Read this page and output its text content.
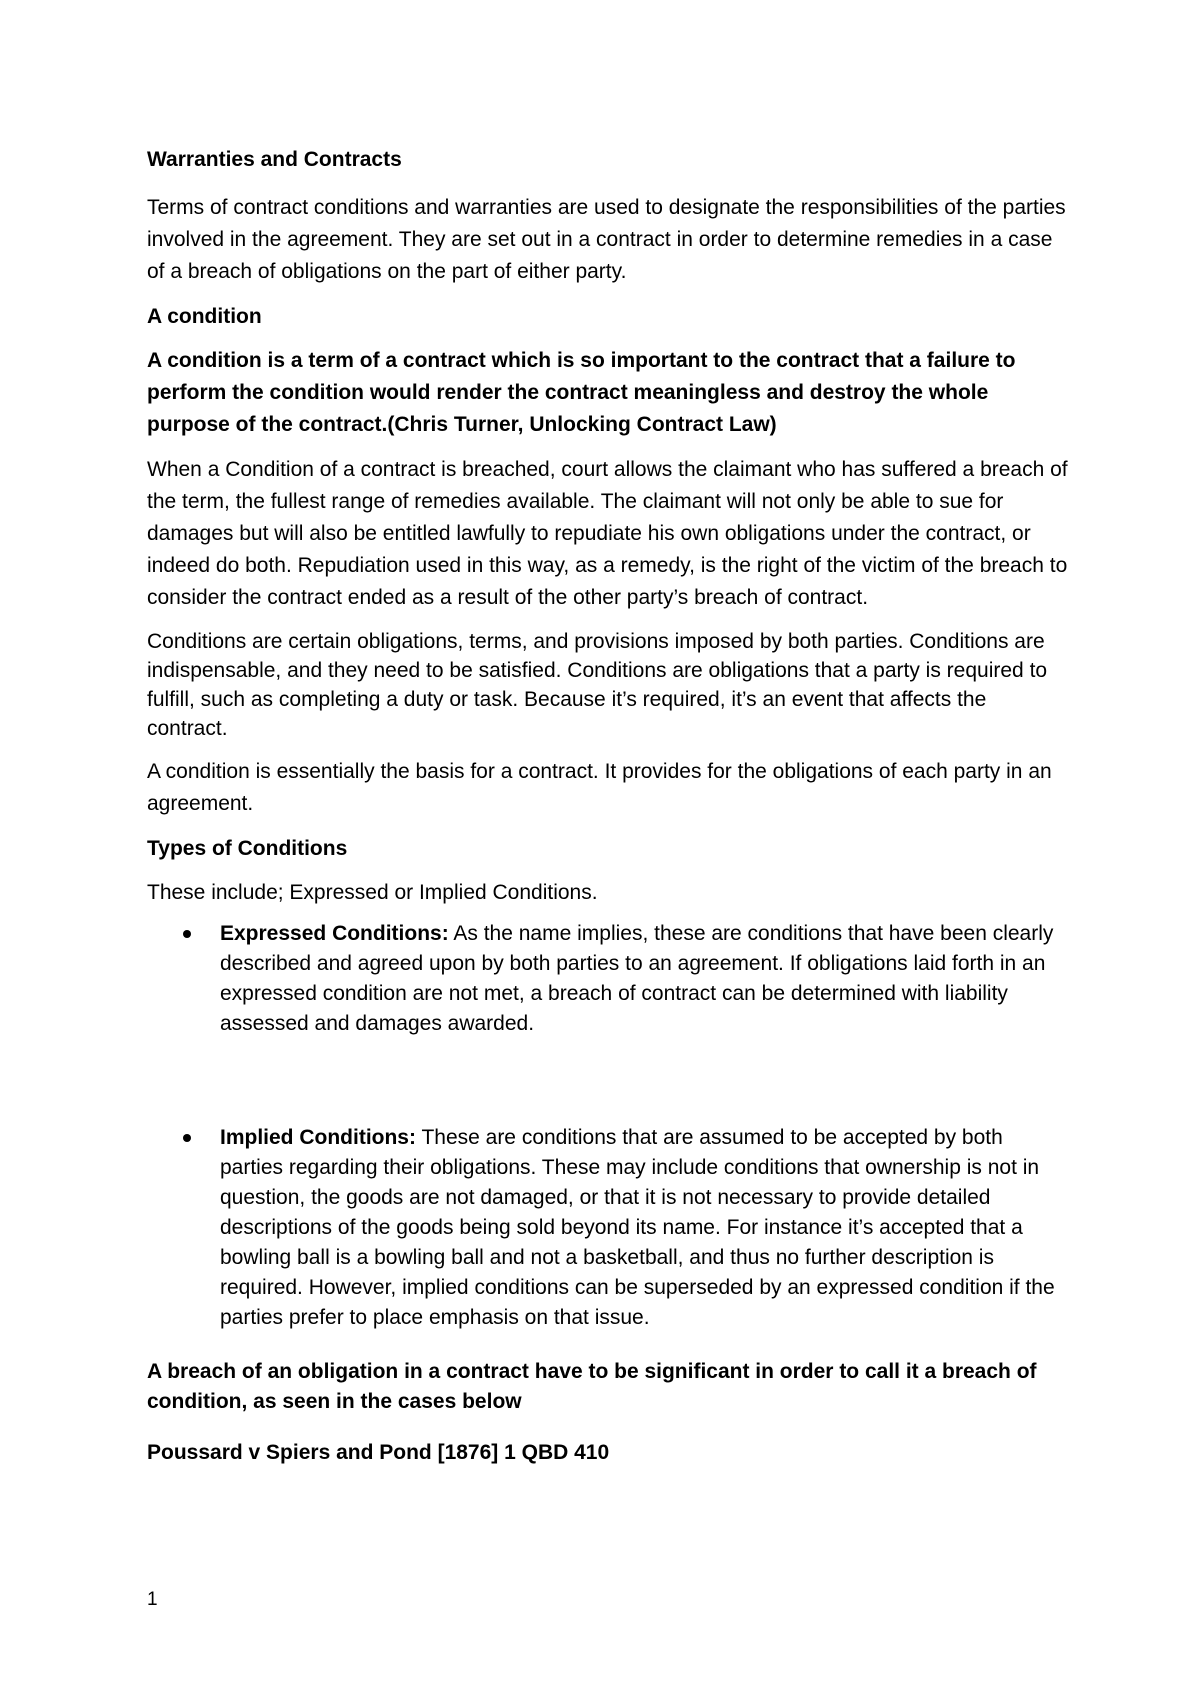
Warranties and Contracts

Terms of contract conditions and warranties are used to designate the responsibilities of the parties involved in the agreement. They are set out in a contract in order to determine remedies in a case of a breach of obligations on the part of either party.

A condition

A condition is a term of a contract which is so important to the contract that a failure to perform the condition would render the contract meaningless and destroy the whole purpose of the contract.(Chris Turner, Unlocking Contract Law)

When a Condition of a contract is breached, court allows the claimant who has suffered a breach of the term, the fullest range of remedies available. The claimant will not only be able to sue for damages but will also be entitled lawfully to repudiate his own obligations under the contract, or indeed do both. Repudiation used in this way, as a remedy, is the right of the victim of the breach to consider the contract ended as a result of the other party’s breach of contract.

Conditions are certain obligations, terms, and provisions imposed by both parties. Conditions are indispensable, and they need to be satisfied. Conditions are obligations that a party is required to fulfill, such as completing a duty or task. Because it’s required, it’s an event that affects the contract.

A condition is essentially the basis for a contract. It provides for the obligations of each party in an agreement.

Types of Conditions

These include; Expressed or Implied Conditions.

Expressed Conditions: As the name implies, these are conditions that have been clearly described and agreed upon by both parties to an agreement. If obligations laid forth in an expressed condition are not met, a breach of contract can be determined with liability assessed and damages awarded.
Implied Conditions: These are conditions that are assumed to be accepted by both parties regarding their obligations. These may include conditions that ownership is not in question, the goods are not damaged, or that it is not necessary to provide detailed descriptions of the goods being sold beyond its name. For instance it’s accepted that a bowling ball is a bowling ball and not a basketball, and thus no further description is required. However, implied conditions can be superseded by an expressed condition if the parties prefer to place emphasis on that issue.

A breach of an obligation in a contract have to be significant in order to call it a breach of condition, as seen in the cases below

Poussard v Spiers and Pond [1876] 1 QBD 410

1
